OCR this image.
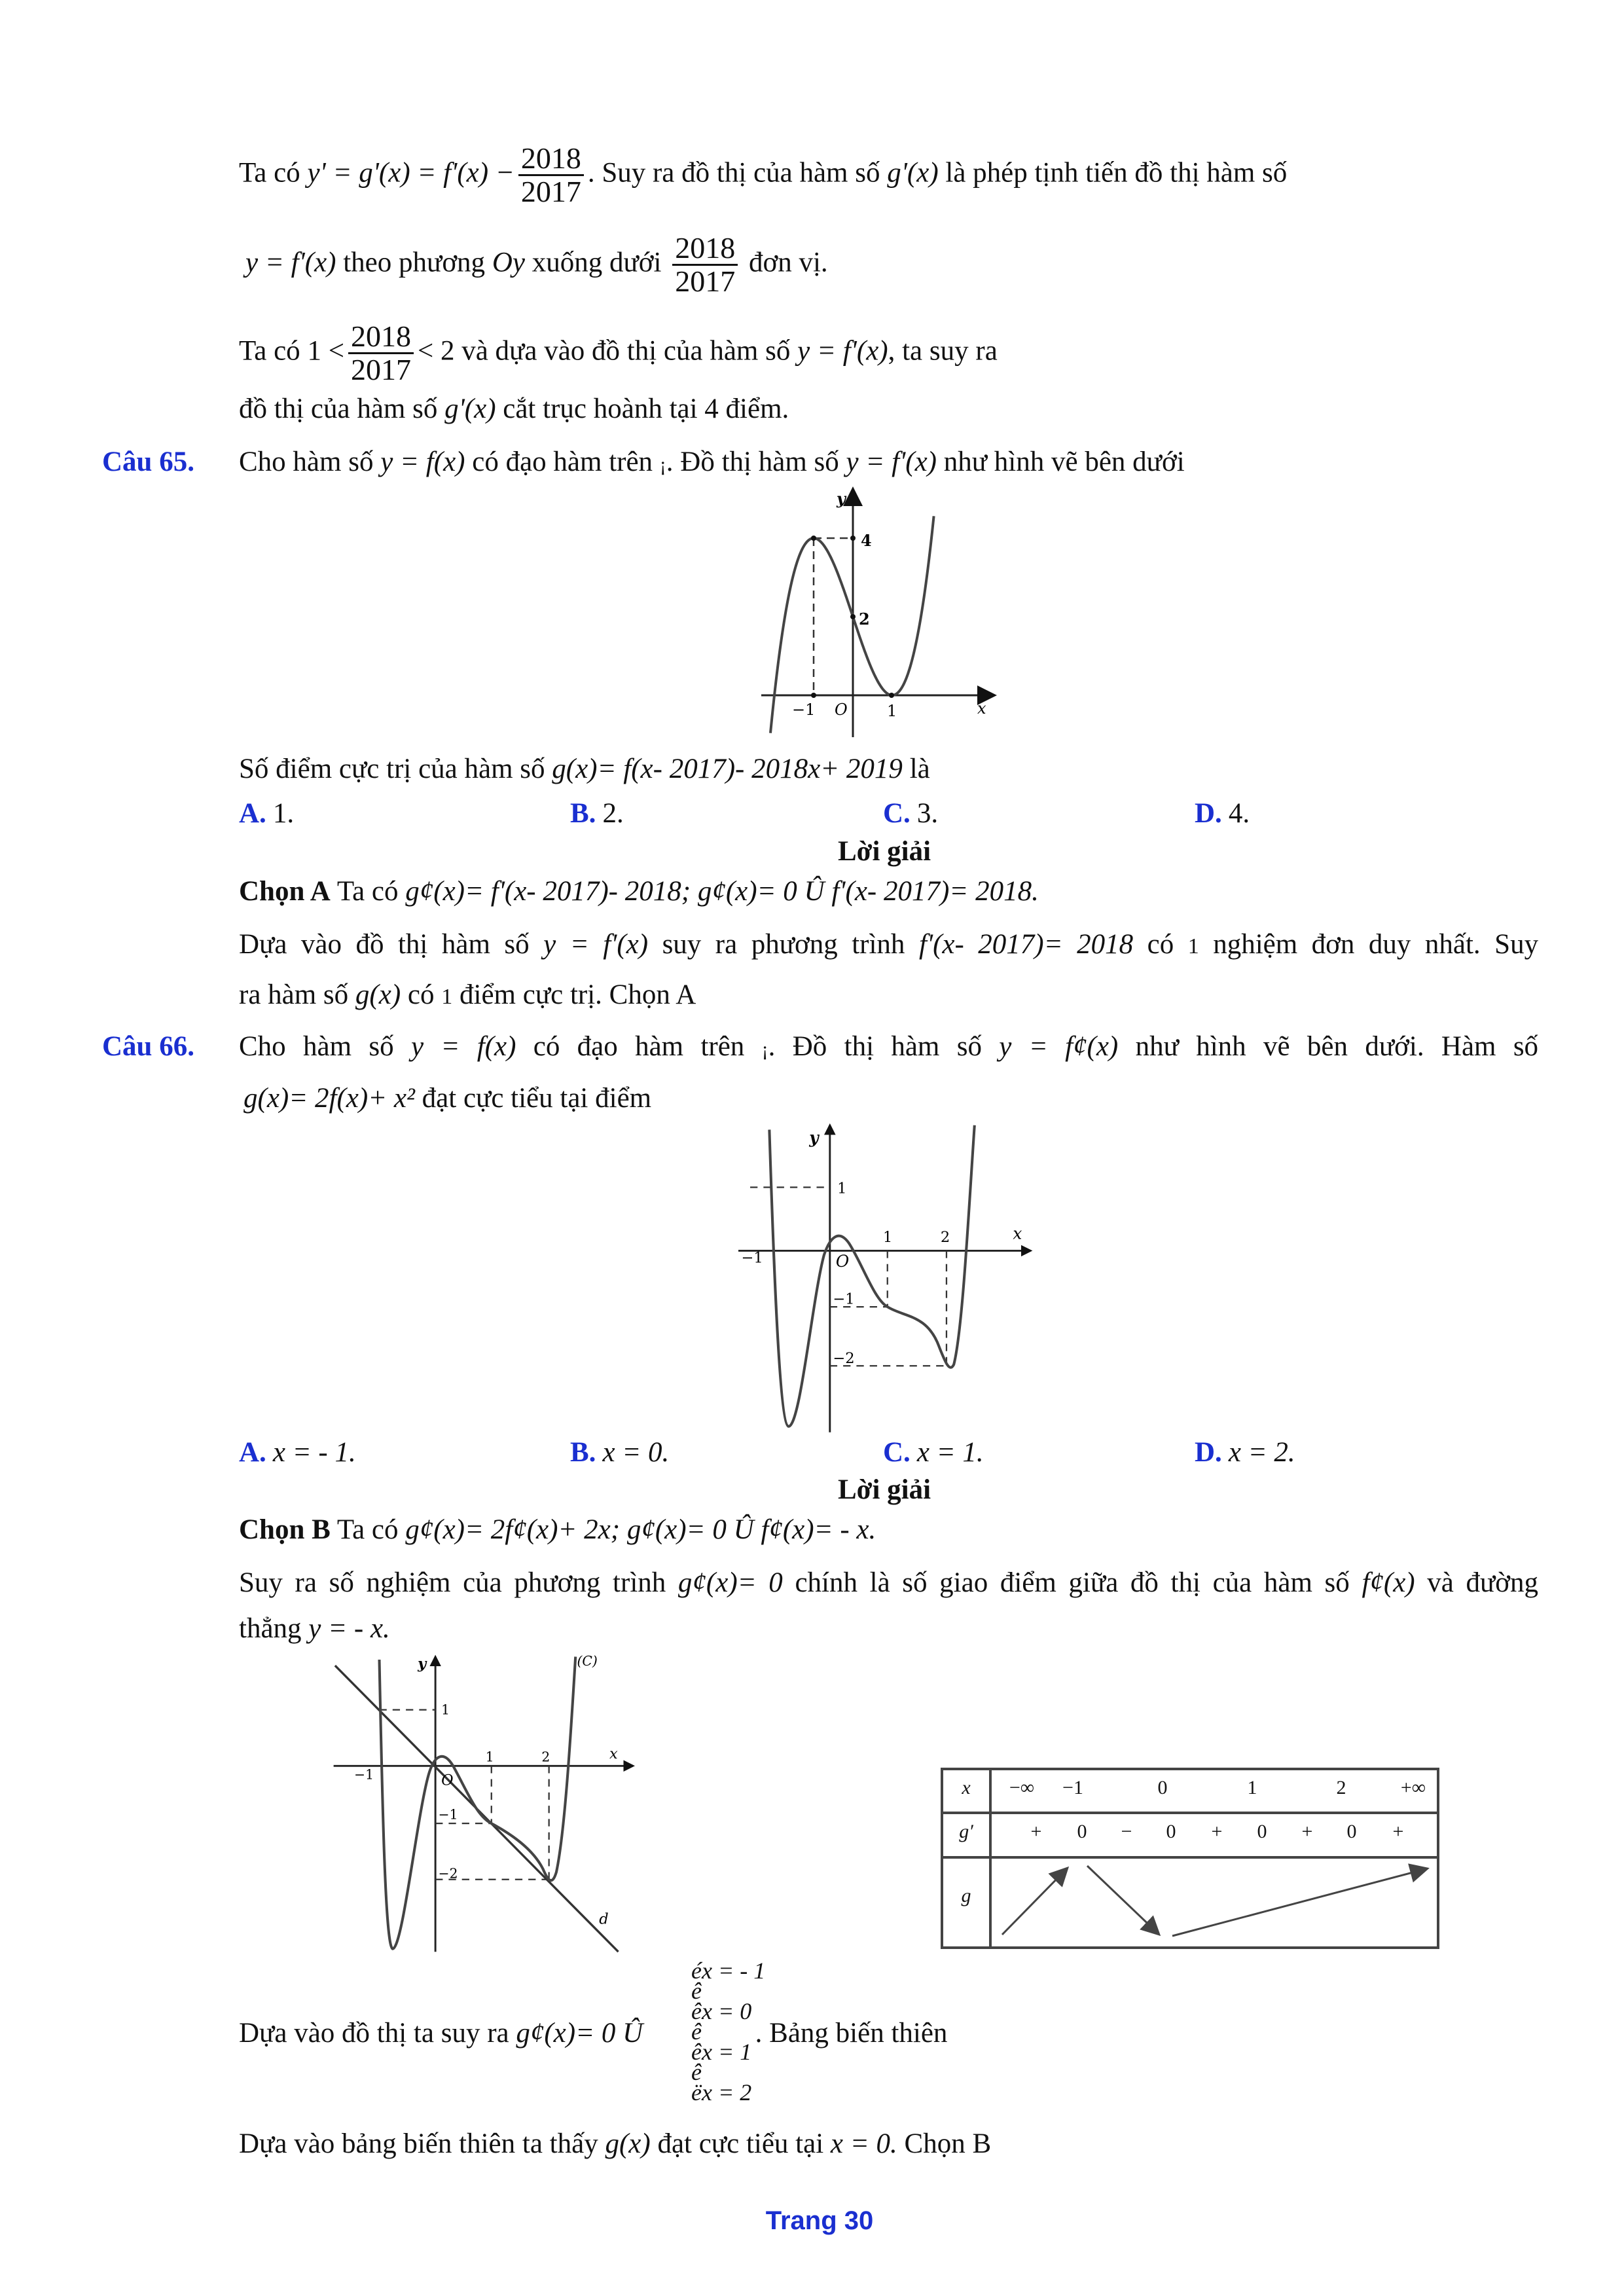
Ta có $y' = g'(x) = f'(x) - \frac{2018}{2017}$ . Suy ra đồ thị của hàm số g'(x) là phép tịnh tiến đồ thị hàm số
y = f'(x) theo phương Oy xuống dưới $\frac{2018}{2017}$ đơn vị.
Ta có $1 < \frac{2018}{2017} < 2$ và dựa vào đồ thị của hàm số y = f'(x), ta suy ra
đồ thị của hàm số g'(x) cắt trục hoành tại 4 điểm.
Câu 65. Cho hàm số y = f(x) có đạo hàm trên ¡. Đồ thị hàm số y = f'(x) như hình vẽ bên dưới
y
4
2
−1 O	1	x
Số điểm cực trị của hàm số g(x)= f(x- 2017)- 2018x+ 2019 là
A. 1.	B. 2.	C. 3.	D. 4.
Lời giải
Chọn A Ta có g¢(x)= f'(x- 2017)- 2018; g¢(x)= 0 Û f'(x- 2017)= 2018.
Dựa vào đồ thị hàm số y = f'(x) suy ra phương trình f'(x- 2017)= 2018 có 1 nghiệm đơn duy nhất. Suy
ra hàm số g(x) có 1 điểm cực trị. Chọn A
Câu 66. Cho hàm số y = f(x) có đạo hàm trên ¡. Đồ thị hàm số y = f¢(x) như hình vẽ bên dưới. Hàm số
g(x)= 2f(x)+ x² đạt cực tiểu tại điểm
y
1
−1	O
1	2	x
−1
−2
A. x = - 1.	B. x = 0.	C. x = 1.	D. x = 2.
Lời giải
Chọn B Ta có g¢(x)= 2f¢(x)+ 2x; g¢(x)= 0 Û f¢(x)= - x.
Suy ra số nghiệm của phương trình g¢(x)= 0 chính là số giao điểm giữa đồ thị của hàm số f¢(x) và đường
thẳng y = - x.
y	(C)
1
1	2	x
−1	O
−1
−2
d
x −∞ −1	0	1	2	+∞
g′	+ 0 − 0 + 0 + 0 +
g
Dựa vào đồ thị ta suy ra g¢(x)= 0 Û	. Bảng biến thiên
éx = - 1
ê
êx = 0
ê
êx = 1
ê
ëx = 2
Dựa vào bảng biến thiên ta thấy g(x) đạt cực tiểu tại x = 0. Chọn B
Trang 30
